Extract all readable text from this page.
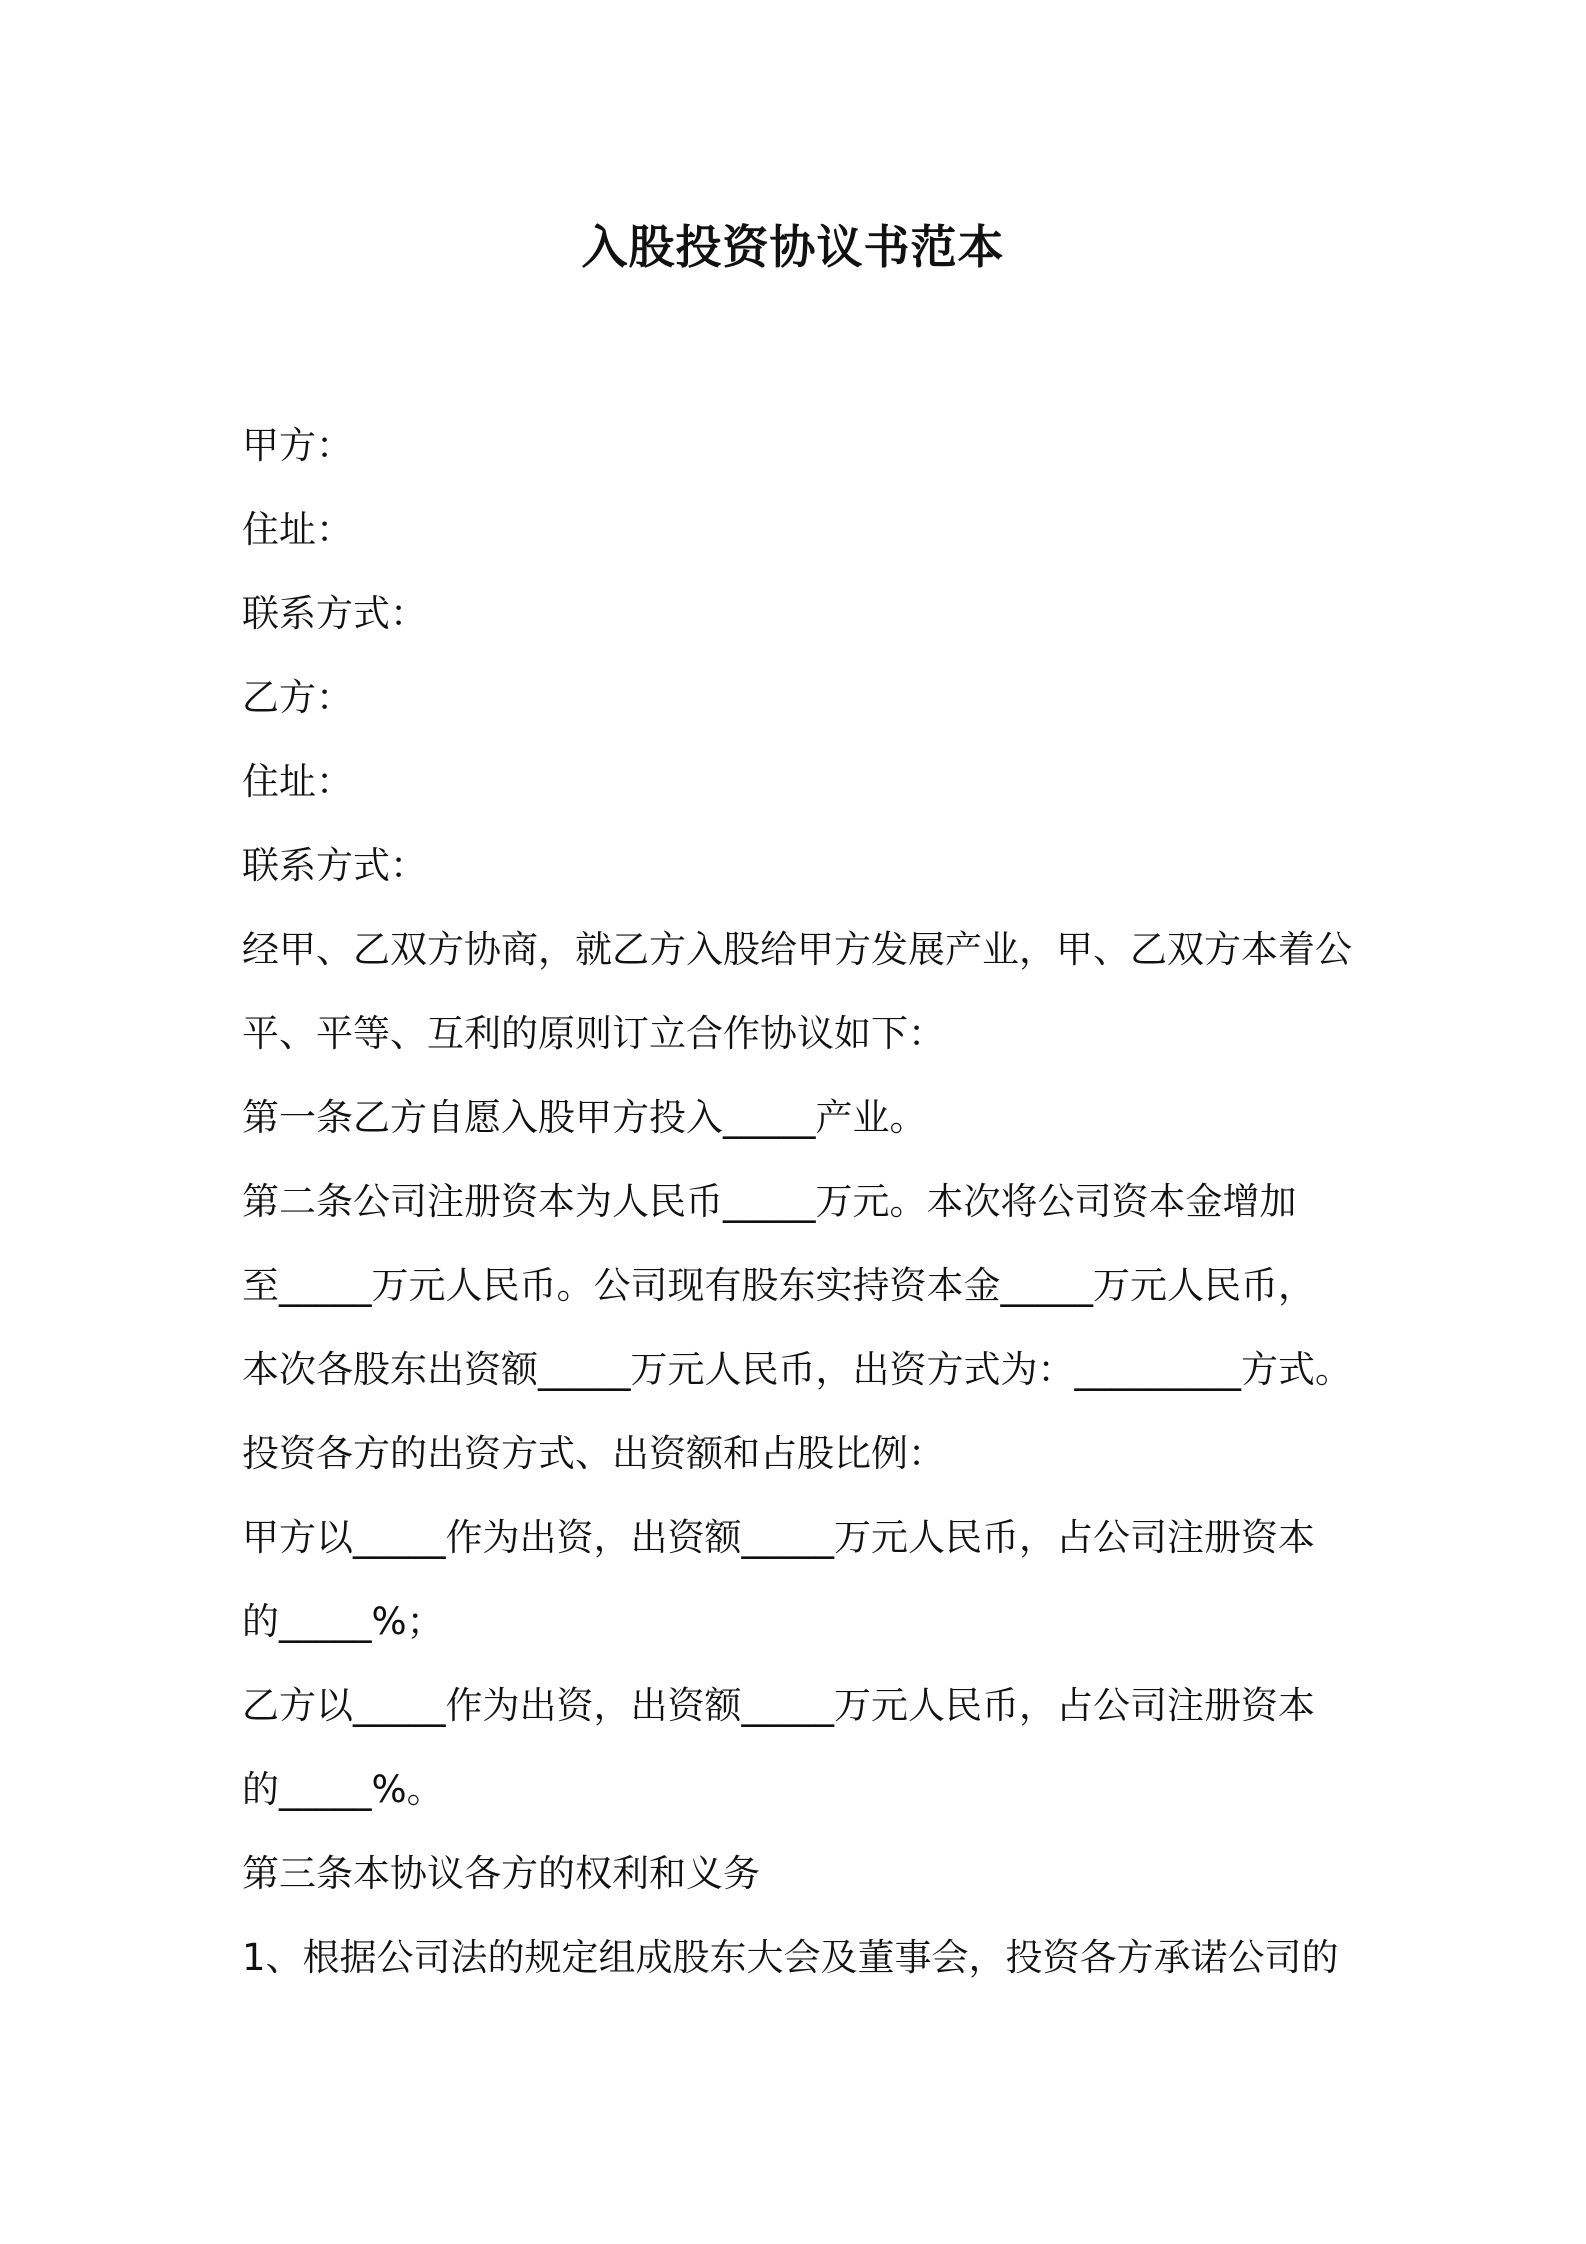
入股投资协议书范本
甲方：
住址：
联系方式：
乙方：
住址：
联系方式：
经甲、乙双方协商，就乙方入股给甲方发展产业，甲、乙双方本着公
平、平等、互利的原则订立合作协议如下：
第一条乙方自愿入股甲方投入_____产业。
第二条公司注册资本为人民币_____万元。本次将公司资本金增加
至_____万元人民币。公司现有股东实持资本金_____万元人民币，
本次各股东出资额_____万元人民币，出资方式为：_________方式。
投资各方的出资方式、出资额和占股比例：
甲方以_____作为出资，出资额_____万元人民币，占公司注册资本
的_____%；
乙方以_____作为出资，出资额_____万元人民币，占公司注册资本
的_____%。
第三条本协议各方的权利和义务
1、根据公司法的规定组成股东大会及董事会，投资各方承诺公司的
